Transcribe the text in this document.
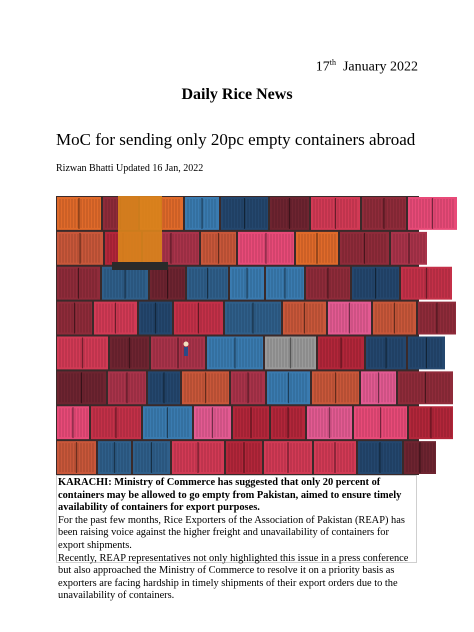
17th January 2022
Daily Rice News
MoC for sending only 20pc empty containers abroad
Rizwan Bhatti Updated 16 Jan, 2022
KARACHI: Ministry of Commerce has suggested that only 20 percent of containers may be allowed to go empty from Pakistan, aimed to ensure timely availability of containers for export purposes.
For the past few months, Rice Exporters of the Association of Pakistan (REAP) has been raising voice against the higher freight and unavailability of containers for export shipments.
Recently, REAP representatives not only highlighted this issue in a press conference but also approached the Ministry of Commerce to resolve it on a priority basis as exporters are facing hardship in timely shipments of their export orders due to the unavailability of containers.
